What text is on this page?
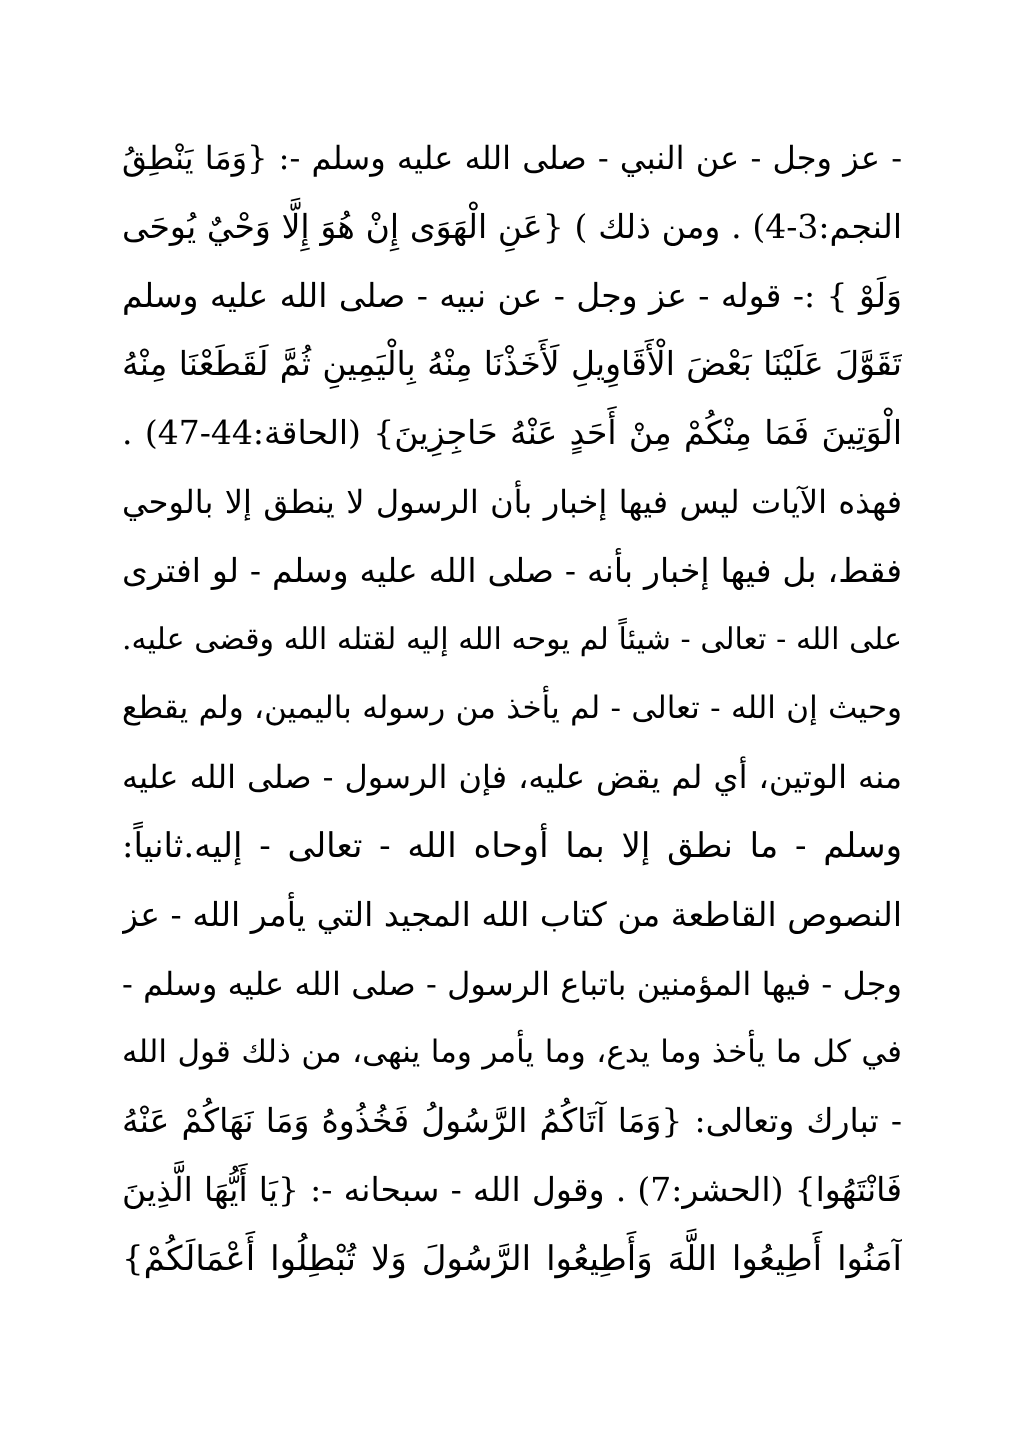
- عز وجل - عن النبي - صلى الله عليه وسلم -: {وَمَا يَنْطِقُ
النجم:3-4) . ومن ذلك ) {عَنِ الْهَوَى إِنْ هُوَ إِلَّا وَحْيٌ يُوحَى
وَلَوْ } :- قوله - عز وجل - عن نبيه - صلى الله عليه وسلم
تَقَوَّلَ عَلَيْنَا بَعْضَ الْأَقَاوِيلِ لَأَخَذْنَا مِنْهُ بِالْيَمِينِ ثُمَّ لَقَطَعْنَا مِنْهُ
الْوَتِينَ فَمَا مِنْكُمْ مِنْ أَحَدٍ عَنْهُ حَاجِزِينَ} (الحاقة:44-47) .
فهذه الآيات ليس فيها إخبار بأن الرسول لا ينطق إلا بالوحي
فقط، بل فيها إخبار بأنه - صلى الله عليه وسلم - لو افترى
على الله - تعالى - شيئاً لم يوحه الله إليه لقتله الله وقضى عليه.
وحيث إن الله - تعالى - لم يأخذ من رسوله باليمين، ولم يقطع
منه الوتين، أي لم يقض عليه، فإن الرسول - صلى الله عليه
وسلم - ما نطق إلا بما أوحاه الله - تعالى - إليه.ثانياً:
النصوص القاطعة من كتاب الله المجيد التي يأمر الله - عز
وجل - فيها المؤمنين باتباع الرسول - صلى الله عليه وسلم -
في كل ما يأخذ وما يدع، وما يأمر وما ينهى، من ذلك قول الله
- تبارك وتعالى: {وَمَا آتَاكُمُ الرَّسُولُ فَخُذُوهُ وَمَا نَهَاكُمْ عَنْهُ
فَانْتَهُوا} (الحشر:7) . وقول الله - سبحانه -: {يَا أَيُّهَا الَّذِينَ
آمَنُوا أَطِيعُوا اللَّهَ وَأَطِيعُوا الرَّسُولَ وَلا تُبْطِلُوا أَعْمَالَكُمْ}
